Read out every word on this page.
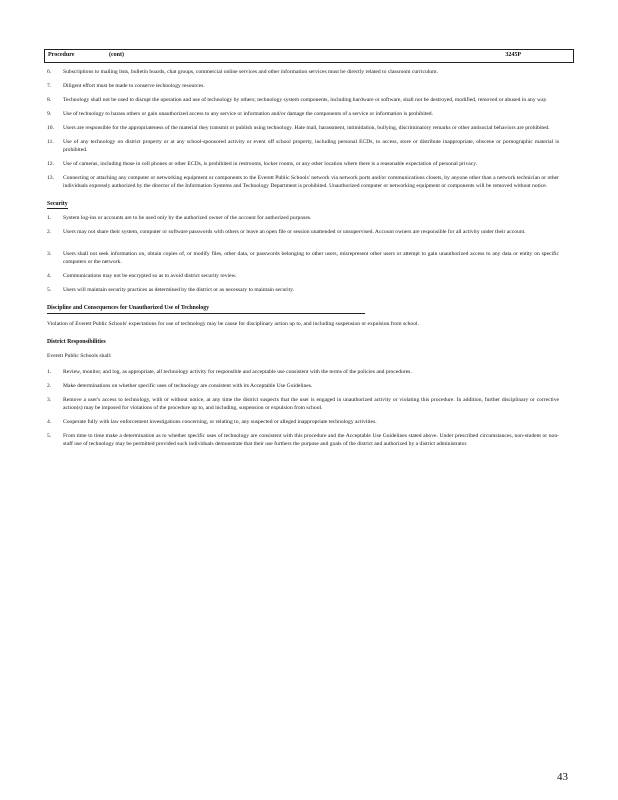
Procedure	(cont)	3245P
6. Subscriptions to mailing lists, bulletin boards, chat groups, commercial online services and other information services must be directly related to classroom curriculum.
7. Diligent effort must be made to conserve technology resources.
8. Technology shall not be used to disrupt the operation and use of technology by others; technology system components, including hardware or software, shall not be destroyed, modified, removed or abused in any way.
9. Use of technology to harass others or gain unauthorized access to any service or information and/or damage the components of a service or information is prohibited.
10. Users are responsible for the appropriateness of the material they transmit or publish using technology. Hate mail, harassment, intimidation, bullying, discriminatory remarks or other antisocial behaviors are prohibited.
11. Use of any technology on district property or at any school-sponsored activity or event off school property, including personal ECDs, to access, store or distribute inappropriate, obscene or pornographic material is prohibited.
12. Use of cameras, including those in cell phones or other ECDs, is prohibited in restrooms, locker rooms, or any other location where there is a reasonable expectation of personal privacy.
13. Connecting or attaching any computer or networking equipment or components to the Everett Public Schools' network via network ports and/or communications closets, by anyone other than a network technician or other individuals expressly authorized by the director of the Information Systems and Technology Department is prohibited. Unauthorized computer or networking equipment or components will be removed without notice.
Security
1. System log-ins or accounts are to be used only by the authorized owner of the account for authorized purposes.
2. Users may not share their system, computer or software passwords with others or leave an open file or session unattended or unsupervised. Account owners are responsible for all activity under their account.
3. Users shall not seek information on, obtain copies of, or modify files, other data, or passwords belonging to other users, misrepresent other users or attempt to gain unauthorized access to any data or entity on specific computers or the network.
4. Communications may not be encrypted so as to avoid district security review.
5. Users will maintain security practices as determined by the district or as necessary to maintain security.
Discipline and Consequences for Unauthorized Use of Technology
Violation of Everett Public Schools' expectations for use of technology may be cause for disciplinary action up to, and including suspension or expulsion from school.
District Responsibilities
Everett Public Schools shall:
1. Review, monitor, and log, as appropriate, all technology activity for responsible and acceptable use consistent with the terms of the policies and procedures.
2. Make determinations on whether specific uses of technology are consistent with its Acceptable Use Guidelines.
3. Remove a user's access to technology, with or without notice, at any time the district suspects that the user is engaged in unauthorized activity or violating this procedure. In addition, further disciplinary or corrective action(s) may be imposed for violations of the procedure up to, and including, suspension or expulsion from school.
4. Cooperate fully with law enforcement investigations concerning, or relating to, any suspected or alleged inappropriate technology activities.
5. From time to time make a determination as to whether specific uses of technology are consistent with this procedure and the Acceptable Use Guidelines stated above. Under prescribed circumstances, non-student or non-staff use of technology may be permitted provided such individuals demonstrate that their use furthers the purpose and goals of the district and authorized by a district administrator.
43
